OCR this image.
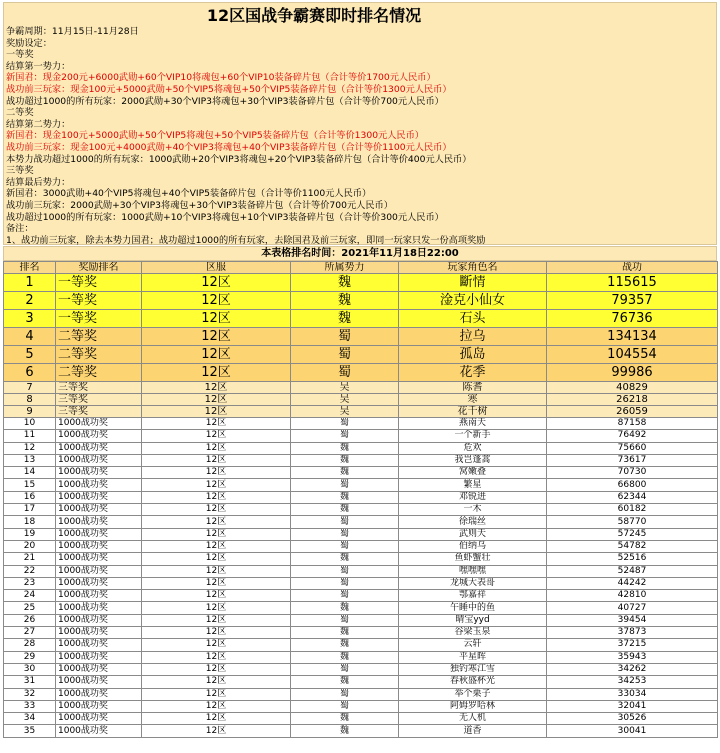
12区国战争霸赛即时排名情况
争霸周期：11月15日-11月28日
奖励设定：
一等奖
结算第一势力：
新国君：现金200元+6000武勋+60个VIP10将魂包+60个VIP10装备碎片包（合计等价1700元人民币）
战功前三玩家：现金100元+5000武勋+50个VIP5将魂包+50个VIP5装备碎片包（合计等价1300元人民币）
战功超过1000的所有玩家：2000武勋+30个VIP3将魂包+30个VIP3装备碎片包（合计等价700元人民币）
二等奖
结算第二势力：
新国君：现金100元+5000武勋+50个VIP5将魂包+50个VIP5装备碎片包（合计等价1300元人民币）
战功前三玩家：现金100元+4000武勋+40个VIP3将魂包+40个VIP3装备碎片包（合计等价1100元人民币）
本势力战功超过1000的所有玩家：1000武勋+20个VIP3将魂包+20个VIP3装备碎片包（合计等价400元人民币）
三等奖
结算最后势力：
新国君：3000武勋+40个VIP5将魂包+40个VIP5装备碎片包（合计等价1100元人民币）
战功前三玩家：2000武勋+30个VIP3将魂包+30个VIP3装备碎片包（合计等价700元人民币）
战功超过1000的所有玩家：1000武勋+10个VIP3将魂包+10个VIP3装备碎片包（合计等价300元人民币）
备注：
1、战功前三玩家，除去本势力国君；战功超过1000的所有玩家，去除国君及前三玩家，即同一玩家只发一份高项奖励
本表格排名时间：2021年11月18日22:00
排名	奖励排名	区服	所属势力	玩家角色名	战功
1	一等奖	12区	魏	斷情	115615
2	一等奖	12区	魏	淦克小仙女	79357
3	一等奖	12区	魏	石头	76736
4	二等奖	12区	蜀	拉乌	134134
5	二等奖	12区	蜀	孤岛	104554
6	二等奖	12区	蜀	花季	99986
7	三等奖	12区	吴	陈耆	40829
8	三等奖	12区	吴	寒	26218
9	三等奖	12区	吴	花千树	26059
10	1000战功奖	12区	蜀	燕南天	87158
11	1000战功奖	12区	蜀	一个新手	76492
12	1000战功奖	12区	魏	危欢	75660
13	1000战功奖	12区	魏	我岂蓬蒿	73617
14	1000战功奖	12区	魏	窝嫩叠	70730
15	1000战功奖	12区	蜀	繁星	66800
16	1000战功奖	12区	魏	邓锐进	62344
17	1000战功奖	12区	魏	一木	60182
18	1000战功奖	12区	蜀	徐瑞丝	58770
19	1000战功奖	12区	蜀	武则天	57245
20	1000战功奖	12区	蜀	伯纳乌	54782
21	1000战功奖	12区	魏	鱼虾蟹壮	52516
22	1000战功奖	12区	蜀	嘿嘿嘿	52487
23	1000战功奖	12区	蜀	龙城大表哥	44242
24	1000战功奖	12区	蜀	鄂嘉祥	42810
25	1000战功奖	12区	魏	午睡中的鱼	40727
26	1000战功奖	12区	蜀	晴宝yyd	39454
27	1000战功奖	12区	魏	谷梁玉泉	37873
28	1000战功奖	12区	魏	云轩	37215
29	1000战功奖	12区	魏	平星晖	35943
30	1000战功奖	12区	蜀	独钓寒江雪	34262
31	1000战功奖	12区	魏	春秋盛杯光	34253
32	1000战功奖	12区	蜀	举个栗子	33034
33	1000战功奖	12区	蜀	阿姆罗哈林	32041
34	1000战功奖	12区	魏	无人机	30526
35	1000战功奖	12区	魏	道香	30041
